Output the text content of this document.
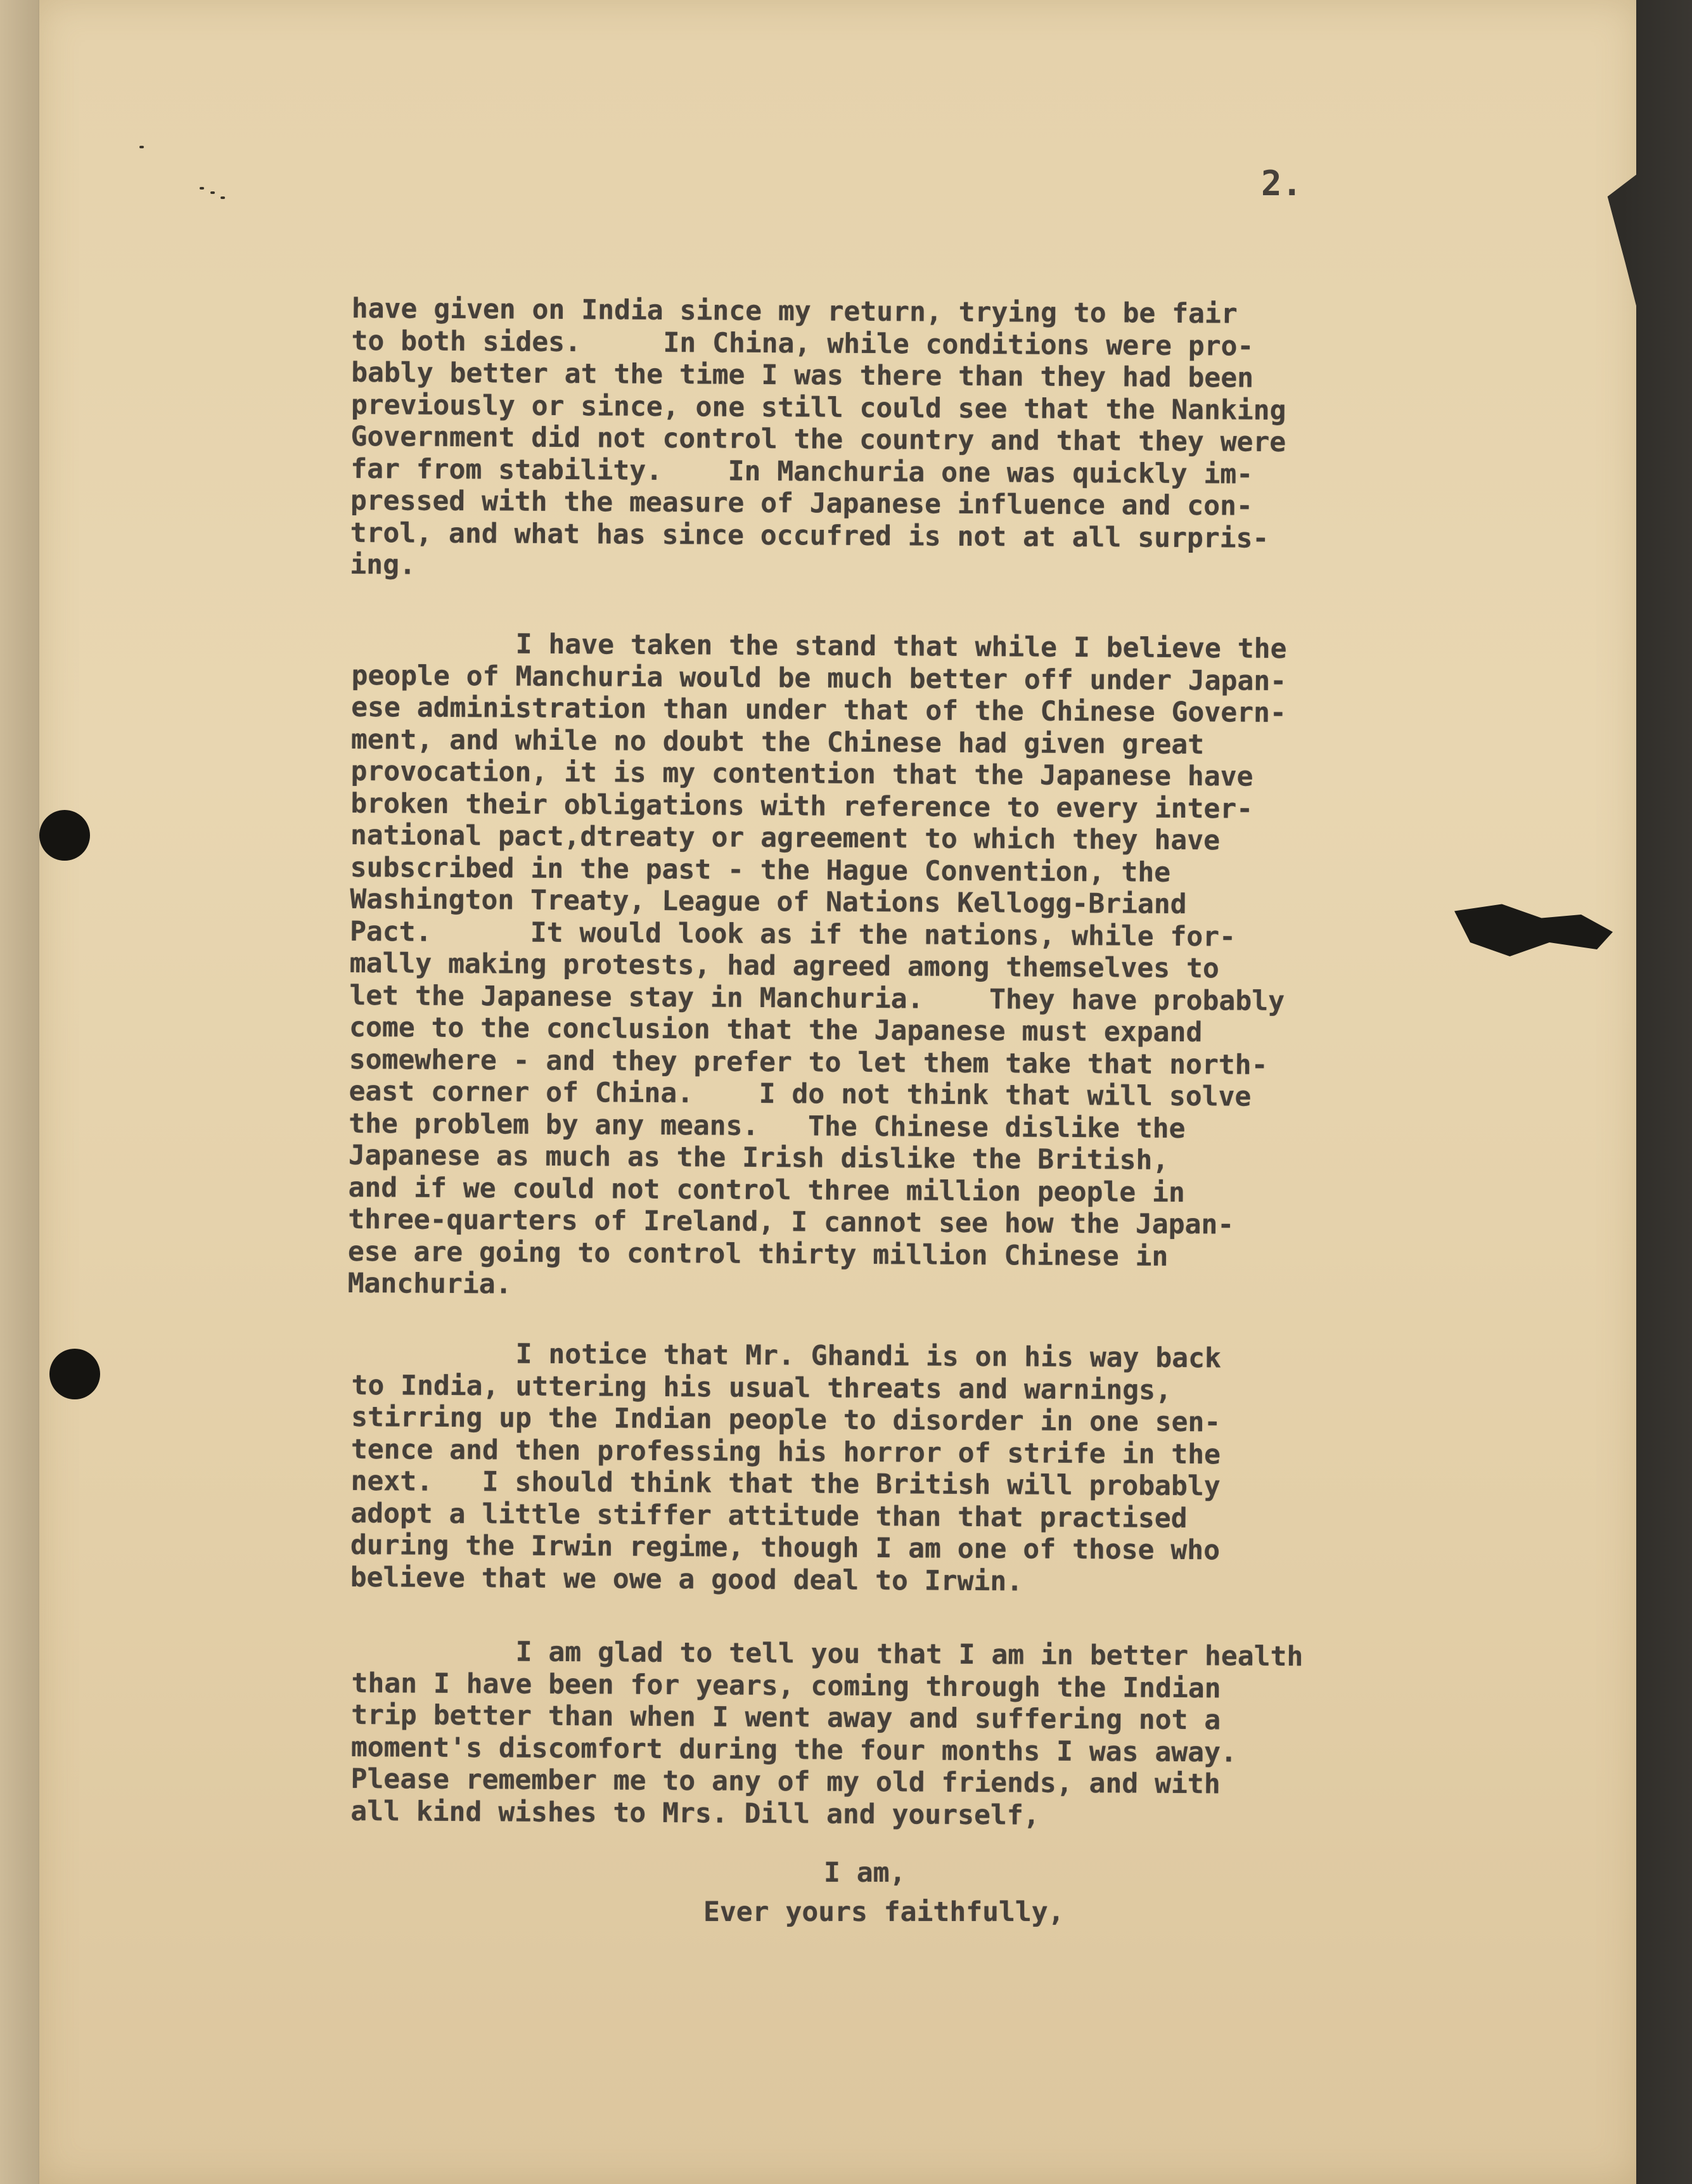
2.

have given on India since my return, trying to be fair
to both sides.     In China, while conditions were pro-
bably better at the time I was there than they had been
previously or since, one still could see that the Nanking
Government did not control the country and that they were
far from stability.    In Manchuria one was quickly im-
pressed with the measure of Japanese influence and con-
trol, and what has since occufred is not at all surpris-
ing.

I have taken the stand that while I believe the
people of Manchuria would be much better off under Japan-
ese administration than under that of the Chinese Govern-
ment, and while no doubt the Chinese had given great
provocation, it is my contention that the Japanese have
broken their obligations with reference to every inter-
national pact,dtreaty or agreement to which they have
subscribed in the past - the Hague Convention, the
Washington Treaty, League of Nations Kellogg-Briand
Pact.      It would look as if the nations, while for-
mally making protests, had agreed among themselves to
let the Japanese stay in Manchuria.    They have probably
come to the conclusion that the Japanese must expand
somewhere - and they prefer to let them take that north-
east corner of China.    I do not think that will solve
the problem by any means.   The Chinese dislike the
Japanese as much as the Irish dislike the British,
and if we could not control three million people in
three-quarters of Ireland, I cannot see how the Japan-
ese are going to control thirty million Chinese in
Manchuria.

I notice that Mr. Ghandi is on his way back
to India, uttering his usual threats and warnings,
stirring up the Indian people to disorder in one sen-
tence and then professing his horror of strife in the
next.   I should think that the British will probably
adopt a little stiffer attitude than that practised
during the Irwin regime, though I am one of those who
believe that we owe a good deal to Irwin.

I am glad to tell you that I am in better health
than I have been for years, coming through the Indian
trip better than when I went away and suffering not a
moment's discomfort during the four months I was away.
Please remember me to any of my old friends, and with
all kind wishes to Mrs. Dill and yourself,

I am,

Ever yours faithfully,
